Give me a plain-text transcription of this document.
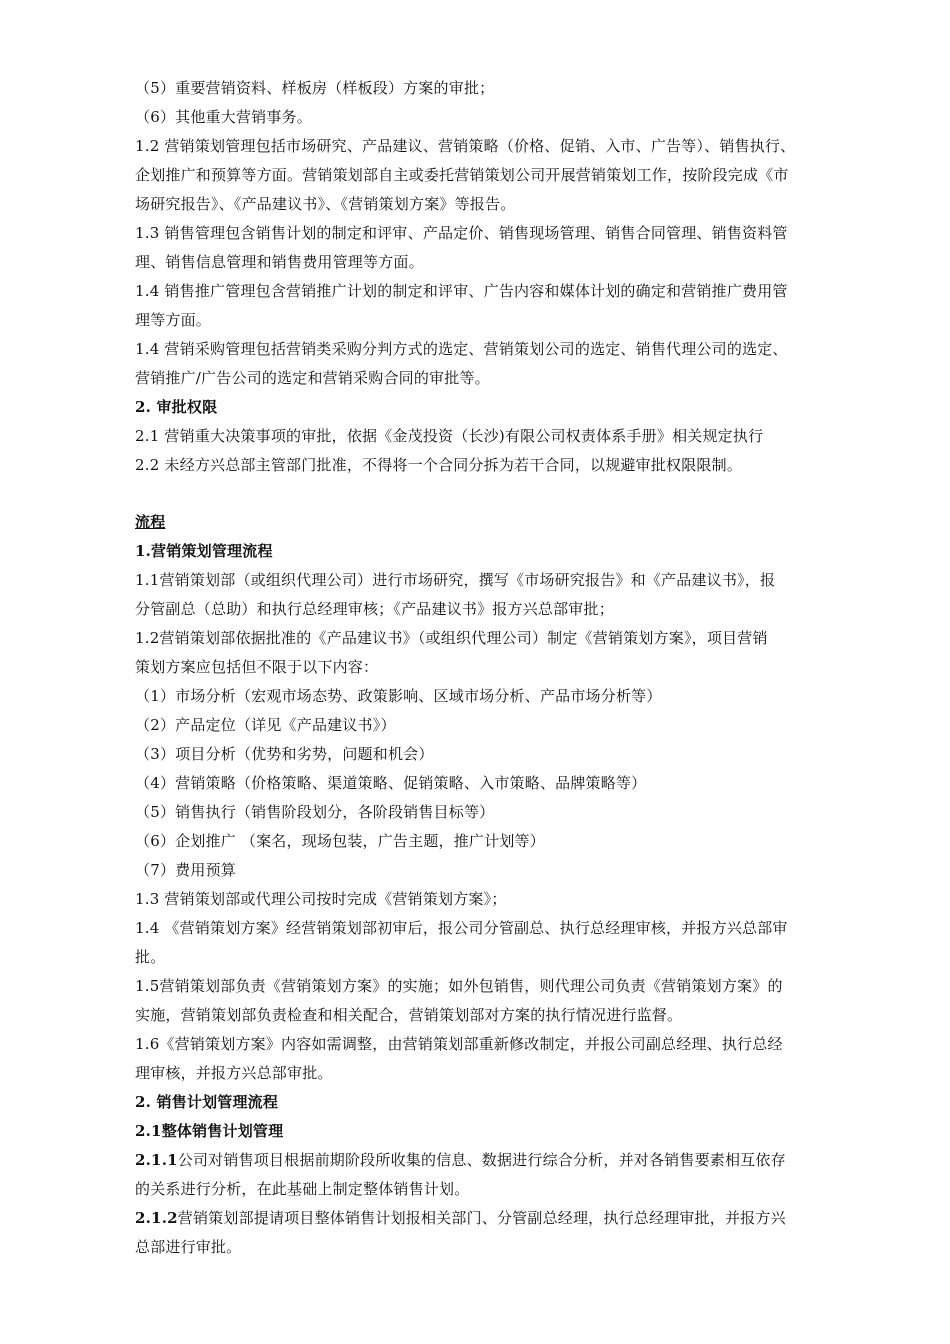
（5）重要营销资料、样板房（样板段）方案的审批；
（6）其他重大营销事务。
1.2 营销策划管理包括市场研究、产品建议、营销策略（价格、促销、入市、广告等）、销售执行、
企划推广和预算等方面。营销策划部自主或委托营销策划公司开展营销策划工作，按阶段完成《市
场研究报告》、《产品建议书》、《营销策划方案》等报告。
1.3 销售管理包含销售计划的制定和评审、产品定价、销售现场管理、销售合同管理、销售资料管
理、销售信息管理和销售费用管理等方面。
1.4 销售推广管理包含营销推广计划的制定和评审、广告内容和媒体计划的确定和营销推广费用管
理等方面。
1.4 营销采购管理包括营销类采购分判方式的选定、营销策划公司的选定、销售代理公司的选定、
营销推广/广告公司的选定和营销采购合同的审批等。
2. 审批权限
2.1 营销重大决策事项的审批，依据《金茂投资（长沙)有限公司权责体系手册》相关规定执行
2.2 未经方兴总部主管部门批准，不得将一个合同分拆为若干合同，以规避审批权限限制。
流程
1.营销策划管理流程
1.1营销策划部（或组织代理公司）进行市场研究，撰写《市场研究报告》和《产品建议书》，报
分管副总（总助）和执行总经理审核；《产品建议书》报方兴总部审批；
1.2营销策划部依据批准的《产品建议书》（或组织代理公司）制定《营销策划方案》，项目营销
策划方案应包括但不限于以下内容：
（1）市场分析（宏观市场态势、政策影响、区域市场分析、产品市场分析等）
（2）产品定位（详见《产品建议书》）
（3）项目分析（优势和劣势，问题和机会）
（4）营销策略（价格策略、渠道策略、促销策略、入市策略、品牌策略等）
（5）销售执行（销售阶段划分，各阶段销售目标等）
（6）企划推广 （案名，现场包装，广告主题，推广计划等）
（7）费用预算
1.3 营销策划部或代理公司按时完成《营销策划方案》；
1.4 《营销策划方案》经营销策划部初审后，报公司分管副总、执行总经理审核，并报方兴总部审
批。
1.5营销策划部负责《营销策划方案》的实施；如外包销售，则代理公司负责《营销策划方案》的
实施，营销策划部负责检查和相关配合，营销策划部对方案的执行情况进行监督。
1.6《营销策划方案》内容如需调整，由营销策划部重新修改制定，并报公司副总经理、执行总经
理审核，并报方兴总部审批。
2. 销售计划管理流程
2.1整体销售计划管理
2.1.1公司对销售项目根据前期阶段所收集的信息、数据进行综合分析，并对各销售要素相互依存
的关系进行分析，在此基础上制定整体销售计划。
2.1.2营销策划部提请项目整体销售计划报相关部门、分管副总经理，执行总经理审批，并报方兴
总部进行审批。
